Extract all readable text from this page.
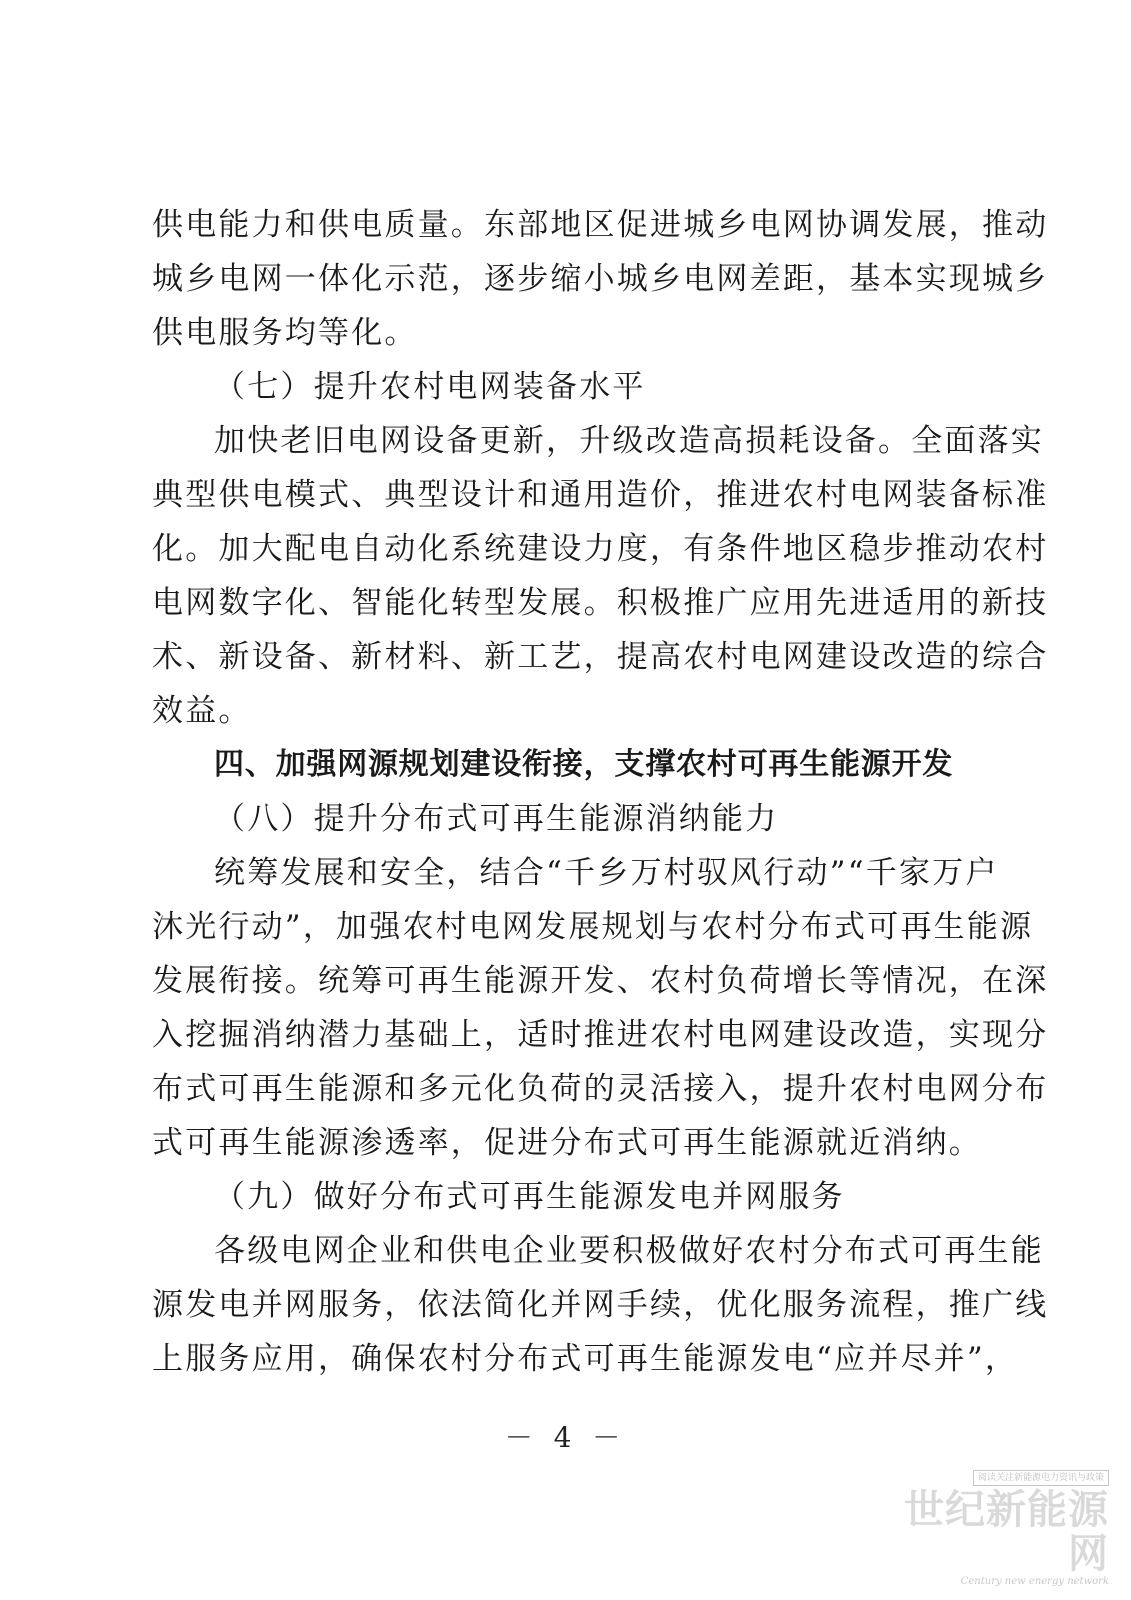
供电能力和供电质量。东部地区促进城乡电网协调发展，推动
城乡电网一体化示范，逐步缩小城乡电网差距，基本实现城乡
供电服务均等化。
（七）提升农村电网装备水平
加快老旧电网设备更新，升级改造高损耗设备。全面落实
典型供电模式、典型设计和通用造价，推进农村电网装备标准
化。加大配电自动化系统建设力度，有条件地区稳步推动农村
电网数字化、智能化转型发展。积极推广应用先进适用的新技
术、新设备、新材料、新工艺，提高农村电网建设改造的综合
效益。
四、加强网源规划建设衔接，支撑农村可再生能源开发
（八）提升分布式可再生能源消纳能力
统筹发展和安全，结合“千乡万村驭风行动”“千家万户
沐光行动”，加强农村电网发展规划与农村分布式可再生能源
发展衔接。统筹可再生能源开发、农村负荷增长等情况，在深
入挖掘消纳潜力基础上，适时推进农村电网建设改造，实现分
布式可再生能源和多元化负荷的灵活接入，提升农村电网分布
式可再生能源渗透率，促进分布式可再生能源就近消纳。
（九）做好分布式可再生能源发电并网服务
各级电网企业和供电企业要积极做好农村分布式可再生能
源发电并网服务，依法简化并网手续，优化服务流程，推广线
上服务应用，确保农村分布式可再生能源发电“应并尽并”，
－ 4 －
阅读关注新能源电力资讯与政策
世纪新能源网
Century new energy network
